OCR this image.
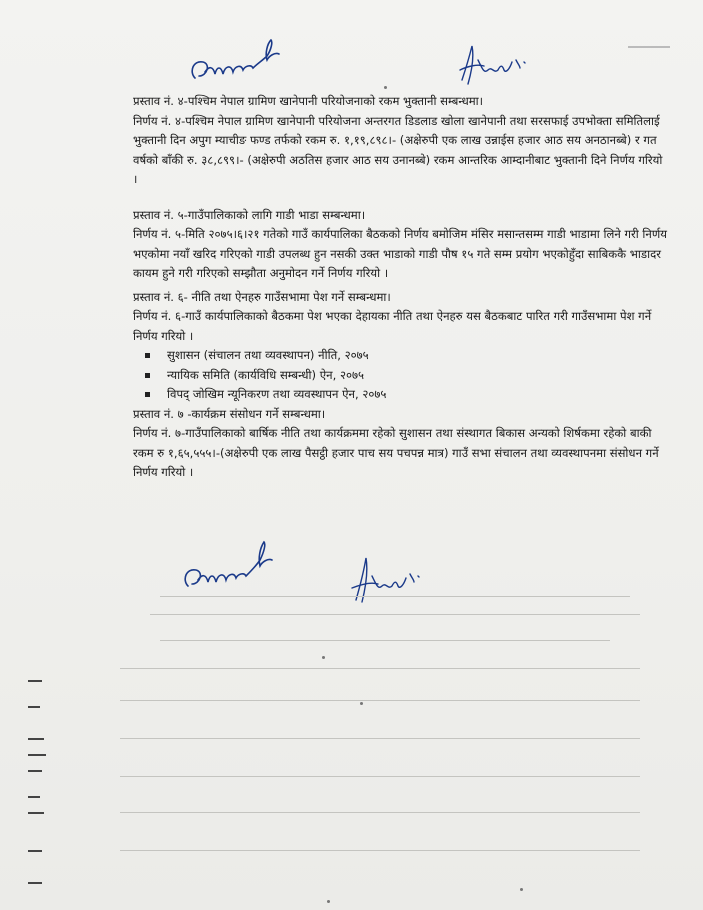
प्रस्ताव नं. ४-पश्चिम नेपाल ग्रामिण खानेपानी परियोजनाको रकम भुक्तानी सम्बन्धमा।

निर्णय नं. ४-पश्चिम नेपाल ग्रामिण खानेपानी परियोजना अन्तरगत डिडलाड खोला खानेपानी तथा सरसफाई उपभोक्ता समितिलाई भुक्तानी दिन अपुग म्याचीङ फण्ड तर्फको रकम रु. १,१९,८९८।- (अक्षेरुपी एक लाख उन्नाईस हजार आठ सय अनठानब्बे) र गत वर्षको बाँकी रु. ३८,८९९।- (अक्षेरुपी अठतिस हजार आठ सय उनानब्बे) रकम आन्तरिक आम्दानीबाट भुक्तानी दिने निर्णय गरियो ।

प्रस्ताव नं. ५-गाउँपालिकाको लागि गाडी भाडा सम्बन्धमा।

निर्णय नं. ५-मिति २०७५।६।२१ गतेको गाउँ कार्यपालिका बैठकको निर्णय बमोजिम मंसिर मसान्तसम्म गाडी भाडामा लिने गरी निर्णय भएकोमा नयाँ खरिद गरिएको गाडी उपलब्ध हुन नसकी उक्त भाडाको गाडी पौष १५ गते सम्म प्रयोग भएकोहुँदा साबिककै भाडादर कायम हुने गरी गरिएको सम्झौता अनुमोदन गर्ने निर्णय गरियो ।

प्रस्ताव नं. ६- नीति तथा ऐनहरु गाउँसभामा पेश गर्ने सम्बन्धमा।

निर्णय नं. ६-गाउँ कार्यपालिकाको बैठकमा पेश भएका देहायका नीति तथा ऐनहरु यस बैठकबाट पारित गरी गाउँसभामा पेश गर्ने निर्णय गरियो ।

सुशासन (संचालन तथा व्यवस्थापन) नीति, २०७५
न्यायिक समिति (कार्यविधि सम्बन्धी) ऐन, २०७५
विपद् जोखिम न्यूनिकरण तथा व्यवस्थापन ऐन, २०७५

प्रस्ताव नं. ७ -कार्यक्रम संसोधन गर्ने सम्बन्धमा।

निर्णय नं. ७-गाउँपालिकाको बार्षिक नीति तथा कार्यक्रममा रहेको सुशासन तथा संस्थागत बिकास अन्यको शिर्षकमा रहेको बाकी रकम रु १,६५,५५५।-(अक्षेरुपी एक लाख पैसट्ठी हजार पाच सय पचपन्न मात्र) गाउँ सभा संचालन तथा व्यवस्थापनमा संसोधन गर्ने निर्णय गरियो ।
